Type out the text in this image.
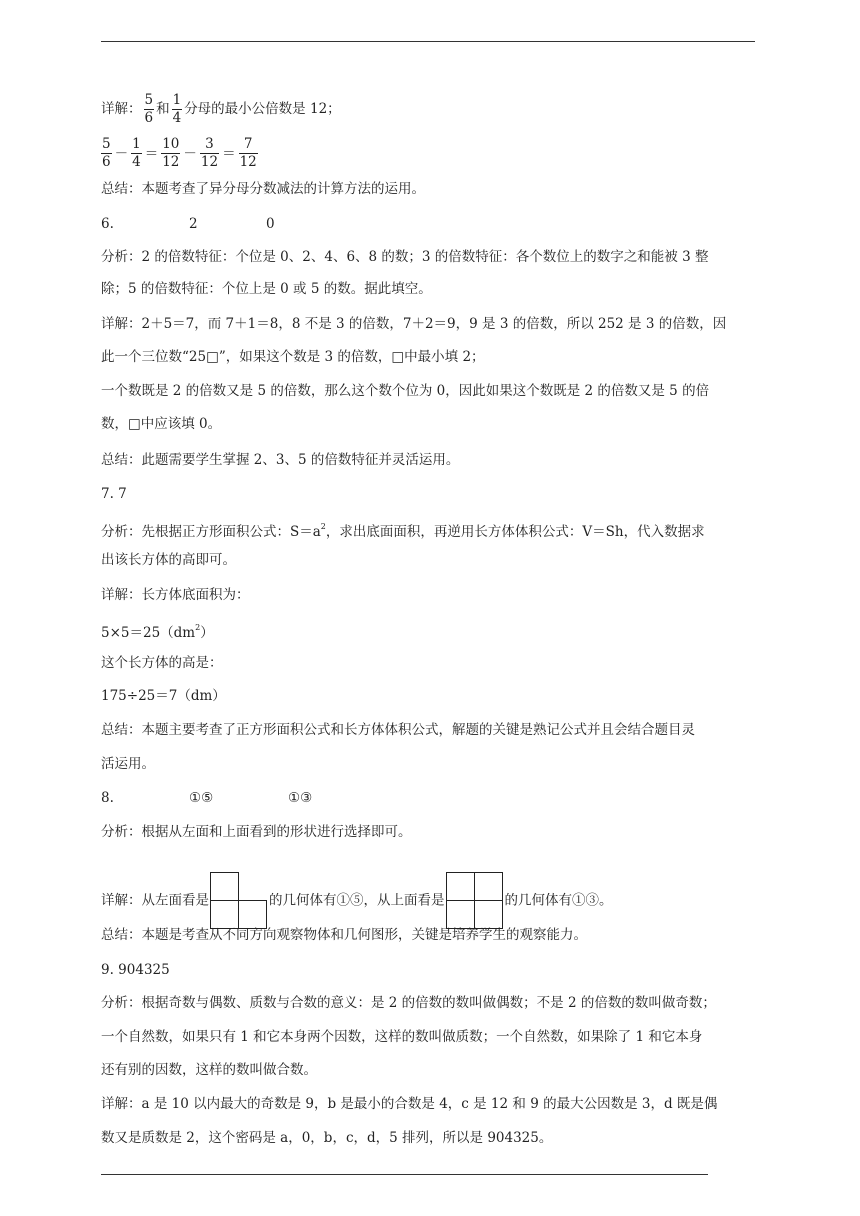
详解： $\frac{5}{6}$ 和 $\frac{1}{4}$ 分母的最小公倍数是 12；
$\frac{5}{6} - \frac{1}{4} = \frac{10}{12} - \frac{3}{12} = \frac{7}{12}$
总结：本题考查了异分母分数减法的计算方法的运用。
6.	2	0
分析：2 的倍数特征：个位是 0、2、4、6、8 的数；3 的倍数特征：各个数位上的数字之和能被 3 整
除；5 的倍数特征：个位上是 0 或 5 的数。据此填空。
详解：2＋5＝7，而 7＋1＝8，8 不是 3 的倍数，7＋2＝9，9 是 3 的倍数，所以 252 是 3 的倍数，因
此一个三位数“25□”，如果这个数是 3 的倍数，□中最小填 2；
一个数既是 2 的倍数又是 5 的倍数，那么这个数个位为 0，因此如果这个数既是 2 的倍数又是 5 的倍
数，□中应该填 0。
总结：此题需要学生掌握 2、3、5 的倍数特征并灵活运用。
7. 7
分析：先根据正方形面积公式：$S=a^2$，求出底面面积，再逆用长方体体积公式：V＝Sh，代入数据求
出该长方体的高即可。
详解：长方体底面积为：
$5\times 5=25(dm^2)$
这个长方体的高是：
175÷25＝7（dm）
总结：本题主要考查了正方形面积公式和长方体体积公式，解题的关键是熟记公式并且会结合题目灵
活运用。
8.	①⑤	①③
分析：根据从左面和上面看到的形状进行选择即可。
详解：从左面看是	的几何体有①⑤，从上面看是	的几何体有①③。
总结：本题是考查从不同方向观察物体和几何图形，关键是培养学生的观察能力。
9. 904325
分析：根据奇数与偶数、质数与合数的意义：是 2 的倍数的数叫做偶数；不是 2 的倍数的数叫做奇数；
一个自然数，如果只有 1 和它本身两个因数，这样的数叫做质数；一个自然数，如果除了 1 和它本身
还有别的因数，这样的数叫做合数。
详解：a 是 10 以内最大的奇数是 9，b 是最小的合数是 4，c 是 12 和 9 的最大公因数是 3，d 既是偶
数又是质数是 2，这个密码是 a，0，b，c，d，5 排列，所以是 904325。
